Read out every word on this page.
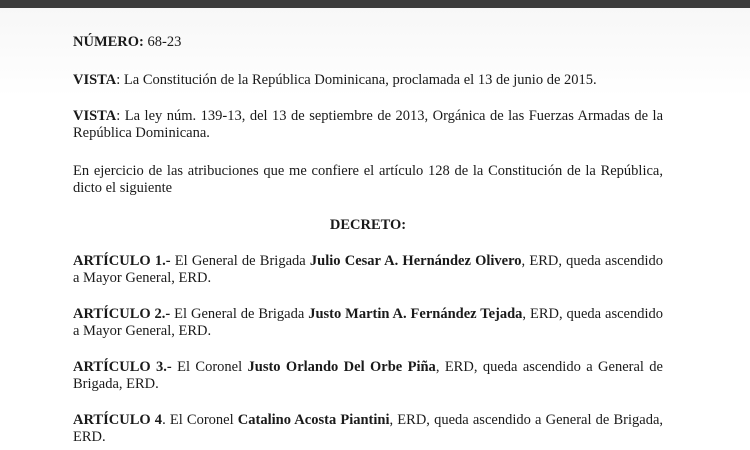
NÚMERO: 68-23
VISTA: La Constitución de la República Dominicana, proclamada el 13 de junio de 2015.
VISTA: La ley núm. 139-13, del 13 de septiembre de 2013, Orgánica de las Fuerzas Armadas de la República Dominicana.
En ejercicio de las atribuciones que me confiere el artículo 128 de la Constitución de la República, dicto el siguiente
DECRETO:
ARTÍCULO 1.- El General de Brigada Julio Cesar A. Hernández Olivero, ERD, queda ascendido a Mayor General, ERD.
ARTÍCULO 2.- El General de Brigada Justo Martin A. Fernández Tejada, ERD, queda ascendido a Mayor General, ERD.
ARTÍCULO 3.- El Coronel Justo Orlando Del Orbe Piña, ERD, queda ascendido a General de Brigada, ERD.
ARTÍCULO 4. El Coronel Catalino Acosta Piantini, ERD, queda ascendido a General de Brigada, ERD.
